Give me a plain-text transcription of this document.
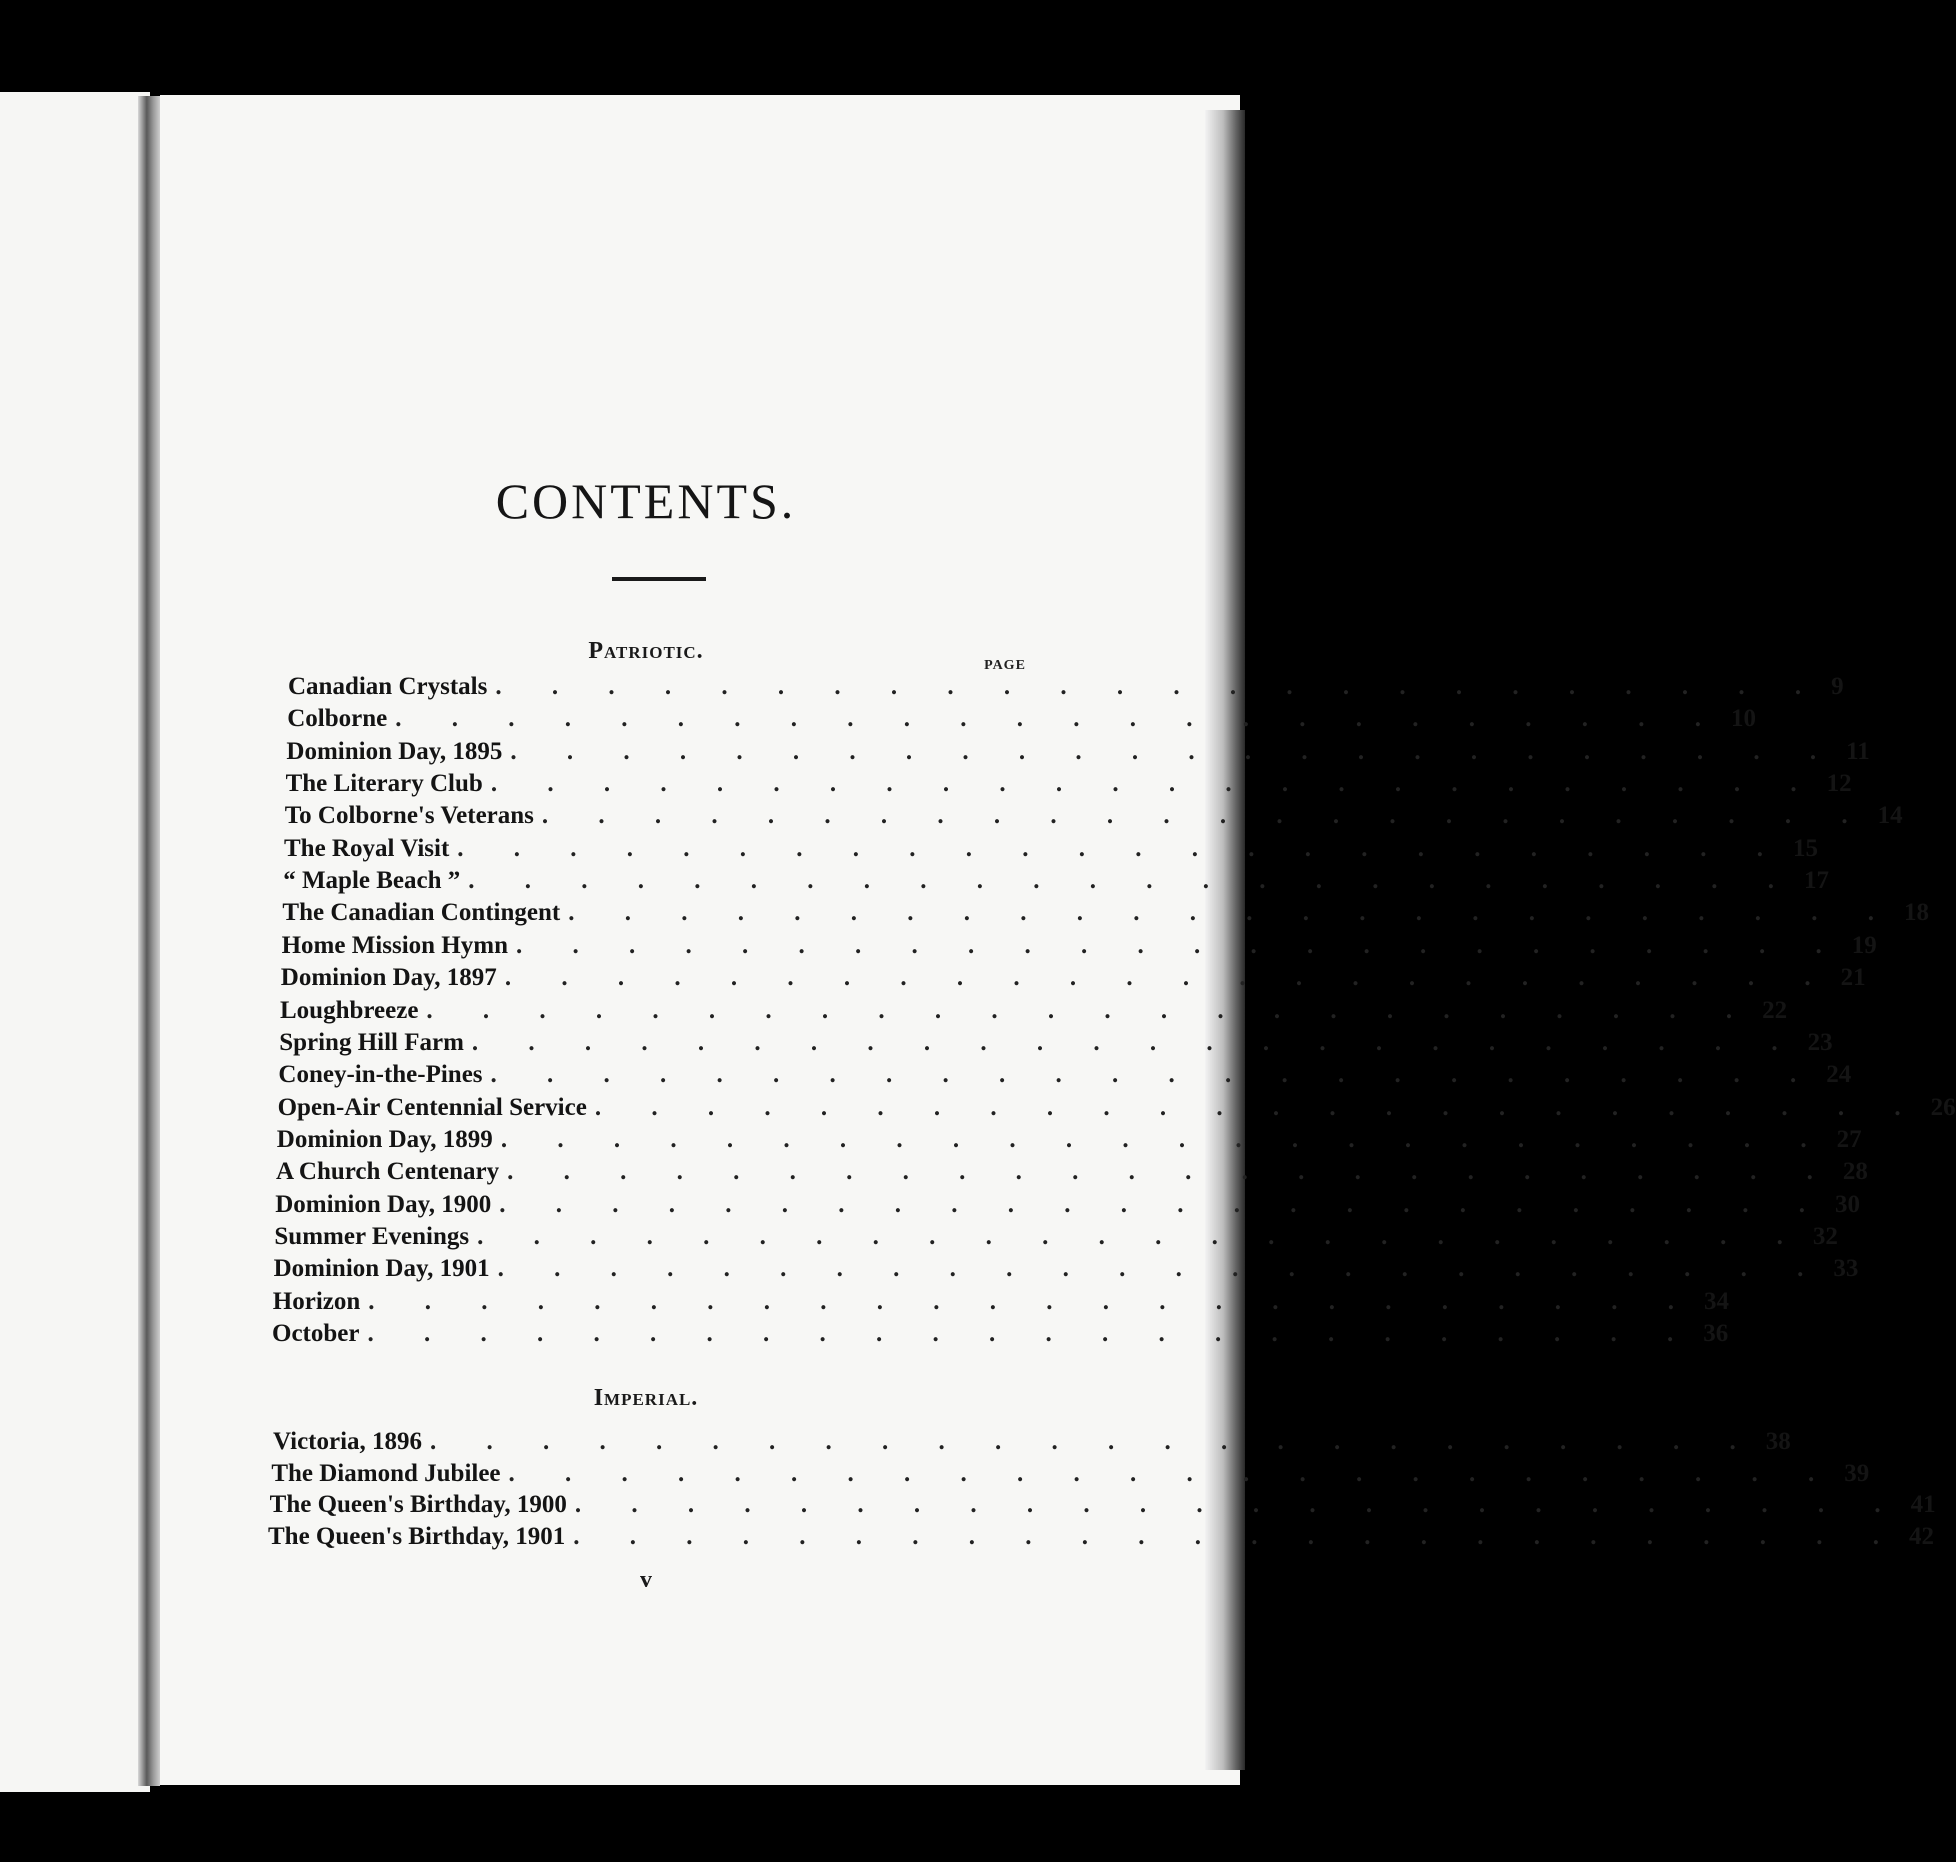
CONTENTS.
Patriotic.
PAGE
Imperial.
Canadian Crystals . . . . . . . . . . . . . . . . . . . . . . . . 9
Colborne . . . . . . . . . . . . . . . . . . . . . . . . 10
Dominion Day, 1895 . . . . . . . . . . . . . . . . . . . . . . . . 11
The Literary Club . . . . . . . . . . . . . . . . . . . . . . . . 12
To Colborne's Veterans . . . . . . . . . . . . . . . . . . . . . . . . 14
The Royal Visit . . . . . . . . . . . . . . . . . . . . . . . . 15
“ Maple Beach ” . . . . . . . . . . . . . . . . . . . . . . . . 17
The Canadian Contingent . . . . . . . . . . . . . . . . . . . . . . . . 18
Home Mission Hymn . . . . . . . . . . . . . . . . . . . . . . . . 19
Dominion Day, 1897 . . . . . . . . . . . . . . . . . . . . . . . . 21
Loughbreeze . . . . . . . . . . . . . . . . . . . . . . . . 22
Spring Hill Farm . . . . . . . . . . . . . . . . . . . . . . . . 23
Coney-in-the-Pines . . . . . . . . . . . . . . . . . . . . . . . . 24
Open-Air Centennial Service . . . . . . . . . . . . . . . . . . . . . . . . 26
Dominion Day, 1899 . . . . . . . . . . . . . . . . . . . . . . . . 27
A Church Centenary . . . . . . . . . . . . . . . . . . . . . . . . 28
Dominion Day, 1900 . . . . . . . . . . . . . . . . . . . . . . . . 30
Summer Evenings . . . . . . . . . . . . . . . . . . . . . . . . 32
Dominion Day, 1901 . . . . . . . . . . . . . . . . . . . . . . . . 33
Horizon . . . . . . . . . . . . . . . . . . . . . . . . 34
October . . . . . . . . . . . . . . . . . . . . . . . . 36
Victoria, 1896 . . . . . . . . . . . . . . . . . . . . . . . . 38
The Diamond Jubilee . . . . . . . . . . . . . . . . . . . . . . . . 39
The Queen's Birthday, 1900 . . . . . . . . . . . . . . . . . . . . . . . . 41
The Queen's Birthday, 1901 . . . . . . . . . . . . . . . . . . . . . . . . 42
v
